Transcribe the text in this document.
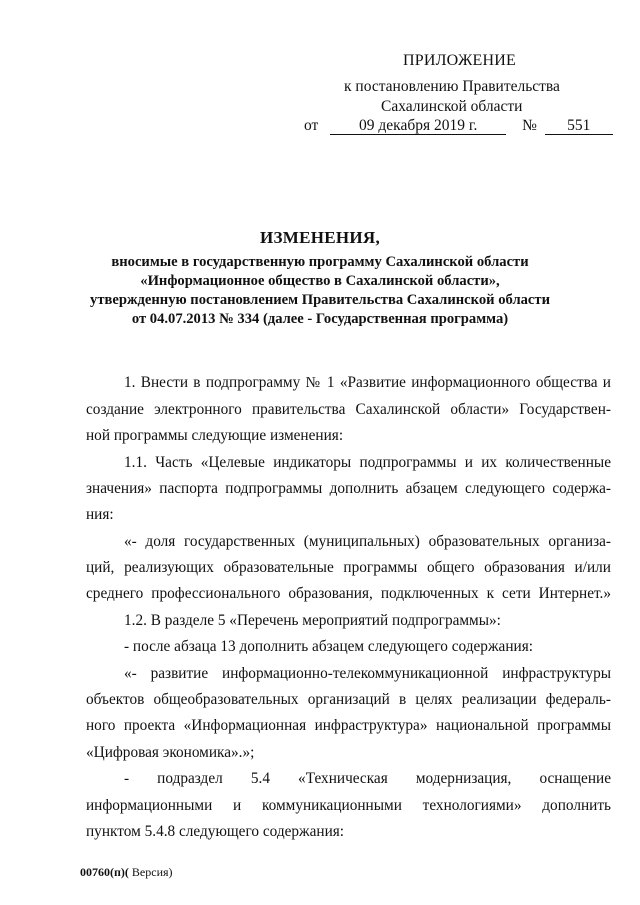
ПРИЛОЖЕНИЕ
к постановлению Правительства
Сахалинской области
от	09 декабря 2019 г.	№ 551
ИЗМЕНЕНИЯ,
вносимые в государственную программу Сахалинской области
«Информационное общество в Сахалинской области»,
утвержденную постановлением Правительства Сахалинской области
от 04.07.2013 № 334 (далее - Государственная программа)
1. Внести в подпрограмму № 1 «Развитие информационного общества и
создание электронного правительства Сахалинской области» Государствен-
ной программы следующие изменения:
1.1. Часть «Целевые индикаторы подпрограммы и их количественные
значения» паспорта подпрограммы дополнить абзацем следующего содержа-
ния:
«- доля государственных (муниципальных) образовательных организа-
ций, реализующих образовательные программы общего образования и/или
среднего профессионального образования, подключенных к сети Интернет.»
1.2. В разделе 5 «Перечень мероприятий подпрограммы»:
- после абзаца 13 дополнить абзацем следующего содержания:
«- развитие информационно-телекоммуникационной инфраструктуры
объектов общеобразовательных организаций в целях реализации федераль-
ного проекта «Информационная инфраструктура» национальной программы
«Цифровая экономика».»;
- подраздел 5.4 «Техническая модернизация, оснащение
информационными и коммуникационными технологиями» дополнить
пунктом 5.4.8 следующего содержания:
00760(п)( Версия)
